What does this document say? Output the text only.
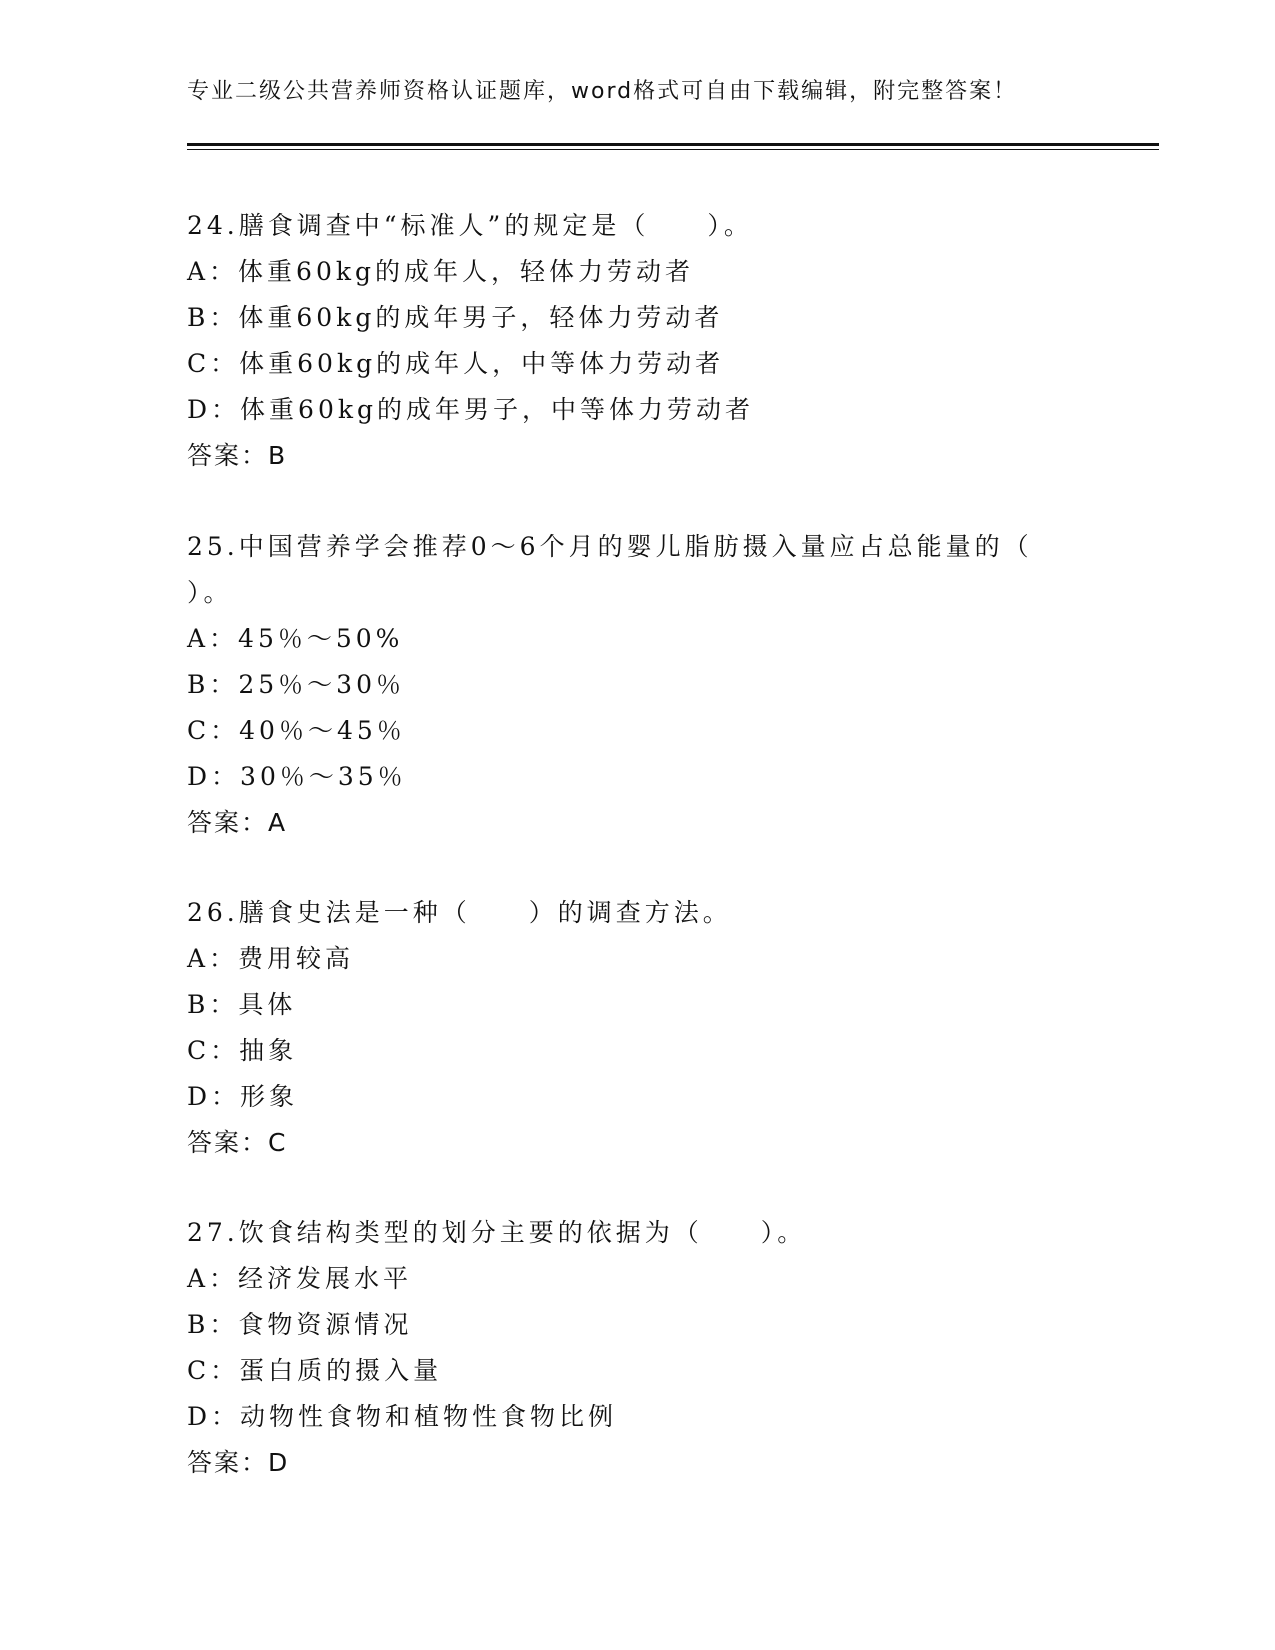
专业二级公共营养师资格认证题库，word格式可自由下载编辑，附完整答案！
24.膳食调查中“标准人”的规定是（　　）。
A：体重60kg的成年人，轻体力劳动者
B：体重60kg的成年男子，轻体力劳动者
C：体重60kg的成年人，中等体力劳动者
D：体重60kg的成年男子，中等体力劳动者
答案：B
25.中国营养学会推荐0～6个月的婴儿脂肪摄入量应占总能量的（
）。
A：45％～50%
B：25％～30％
C：40％～45％
D：30％～35％
答案：A
26.膳食史法是一种（　　）的调查方法。
A：费用较高
B：具体
C：抽象
D：形象
答案：C
27.饮食结构类型的划分主要的依据为（　　）。
A：经济发展水平
B：食物资源情况
C：蛋白质的摄入量
D：动物性食物和植物性食物比例
答案：D
